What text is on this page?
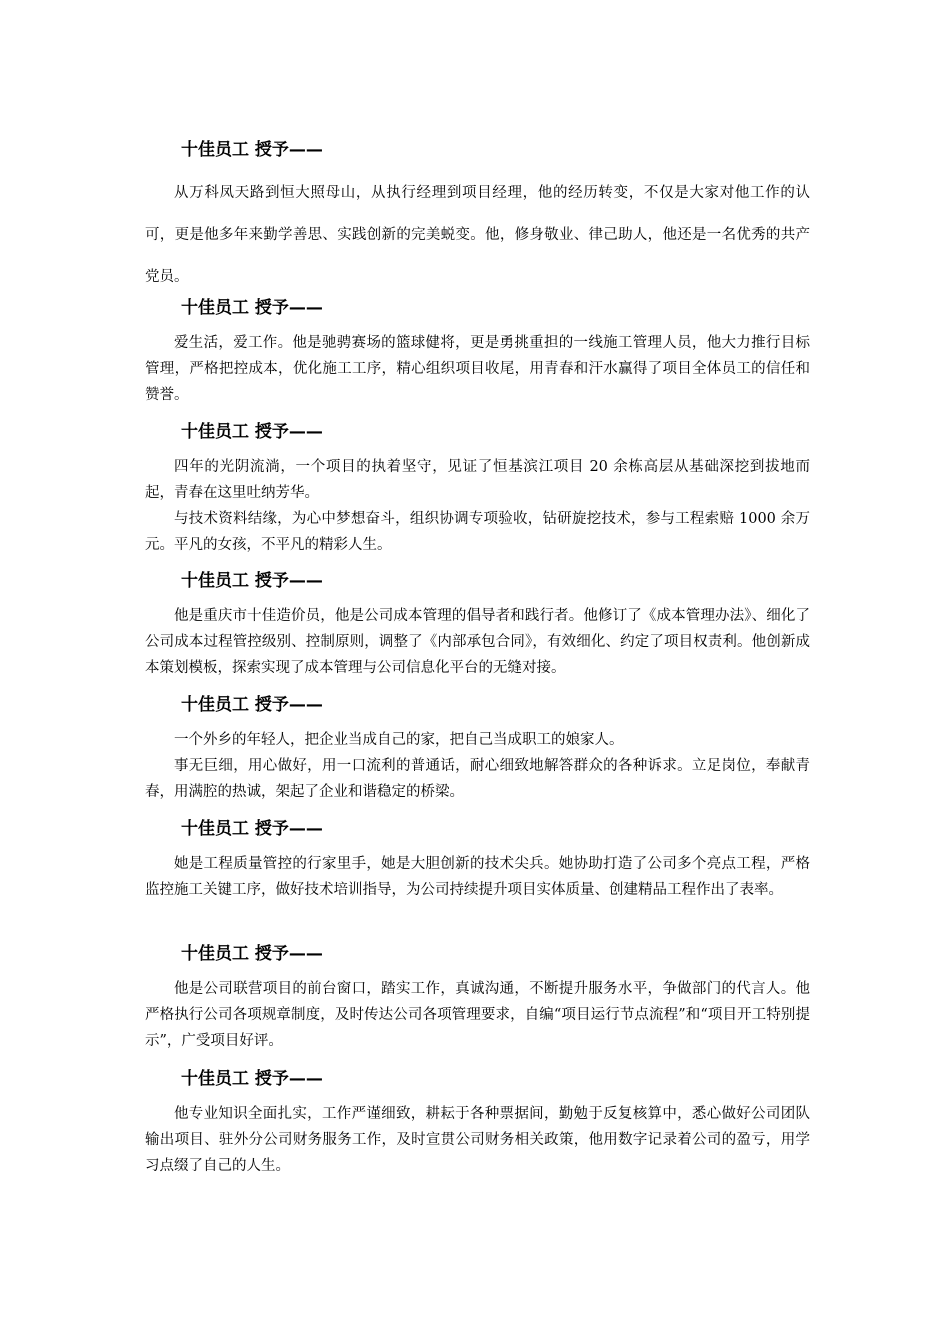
十佳员工 授予——

从万科凤天路到恒大照母山，从执行经理到项目经理，他的经历转变，不仅是大家对他工作的认可，更是他多年来勤学善思、实践创新的完美蜕变。他，修身敬业、律己助人，他还是一名优秀的共产党员。

十佳员工 授予——

爱生活，爱工作。他是驰骋赛场的篮球健将，更是勇挑重担的一线施工管理人员，他大力推行目标管理，严格把控成本，优化施工工序，精心组织项目收尾，用青春和汗水赢得了项目全体员工的信任和赞誉。

十佳员工 授予——

四年的光阴流淌，一个项目的执着坚守，见证了恒基滨江项目 20 余栋高层从基础深挖到拔地而起，青春在这里吐纳芳华。

与技术资料结缘，为心中梦想奋斗，组织协调专项验收，钻研旋挖技术，参与工程索赔 1000 余万元。平凡的女孩，不平凡的精彩人生。

十佳员工 授予——

他是重庆市十佳造价员，他是公司成本管理的倡导者和践行者。他修订了《成本管理办法》、细化了公司成本过程管控级别、控制原则，调整了《内部承包合同》，有效细化、约定了项目权责利。他创新成本策划模板，探索实现了成本管理与公司信息化平台的无缝对接。

十佳员工 授予——

一个外乡的年轻人，把企业当成自己的家，把自己当成职工的娘家人。

事无巨细，用心做好，用一口流利的普通话，耐心细致地解答群众的各种诉求。立足岗位，奉献青春，用满腔的热诚，架起了企业和谐稳定的桥梁。

十佳员工 授予——

她是工程质量管控的行家里手，她是大胆创新的技术尖兵。她协助打造了公司多个亮点工程，严格监控施工关键工序，做好技术培训指导，为公司持续提升项目实体质量、创建精品工程作出了表率。

十佳员工 授予——

他是公司联营项目的前台窗口，踏实工作，真诚沟通，不断提升服务水平，争做部门的代言人。他严格执行公司各项规章制度，及时传达公司各项管理要求，自编“项目运行节点流程”和“项目开工特别提示”，广受项目好评。

十佳员工 授予——

他专业知识全面扎实，工作严谨细致，耕耘于各种票据间，勤勉于反复核算中，悉心做好公司团队输出项目、驻外分公司财务服务工作，及时宣贯公司财务相关政策，他用数字记录着公司的盈亏，用学习点缀了自己的人生。
